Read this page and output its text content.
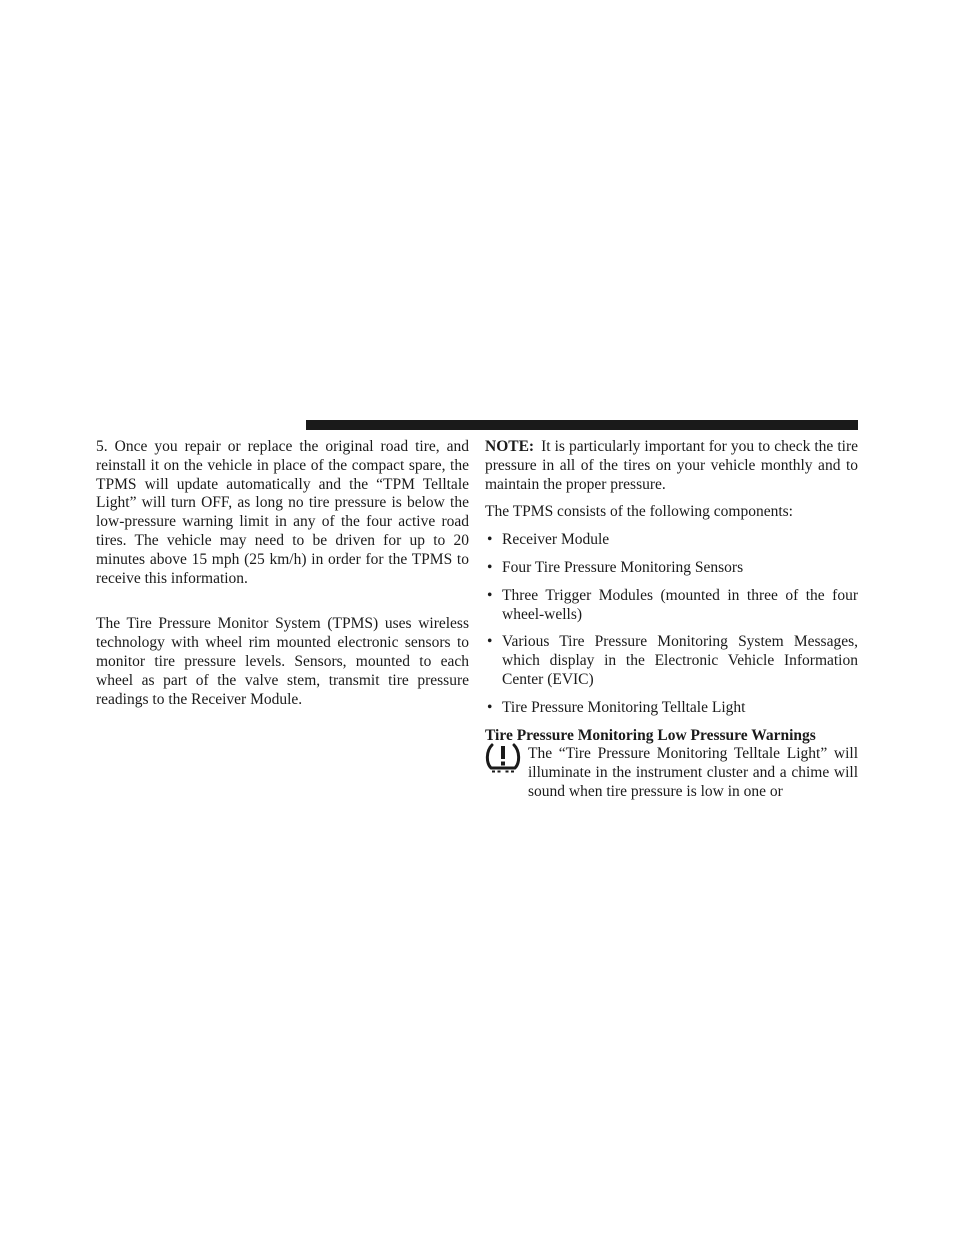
5. Once you repair or replace the original road tire, and reinstall it on the vehicle in place of the compact spare, the TPMS will update automatically and the “TPM Telltale Light” will turn OFF, as long no tire pressure is below the low-pressure warning limit in any of the four active road tires. The vehicle may need to be driven for up to 20 minutes above 15 mph (25 km/h) in order for the TPMS to receive this information.

The Tire Pressure Monitor System (TPMS) uses wireless technology with wheel rim mounted electronic sensors to monitor tire pressure levels. Sensors, mounted to each wheel as part of the valve stem, transmit tire pressure readings to the Receiver Module.

NOTE: It is particularly important for you to check the tire pressure in all of the tires on your vehicle monthly and to maintain the proper pressure.

The TPMS consists of the following components:

• Receiver Module
• Four Tire Pressure Monitoring Sensors
• Three Trigger Modules (mounted in three of the four wheel-wells)
• Various Tire Pressure Monitoring System Messages, which display in the Electronic Vehicle Information Center (EVIC)
• Tire Pressure Monitoring Telltale Light

Tire Pressure Monitoring Low Pressure Warnings

The “Tire Pressure Monitoring Telltale Light” will illuminate in the instrument cluster and a chime will sound when tire pressure is low in one or
